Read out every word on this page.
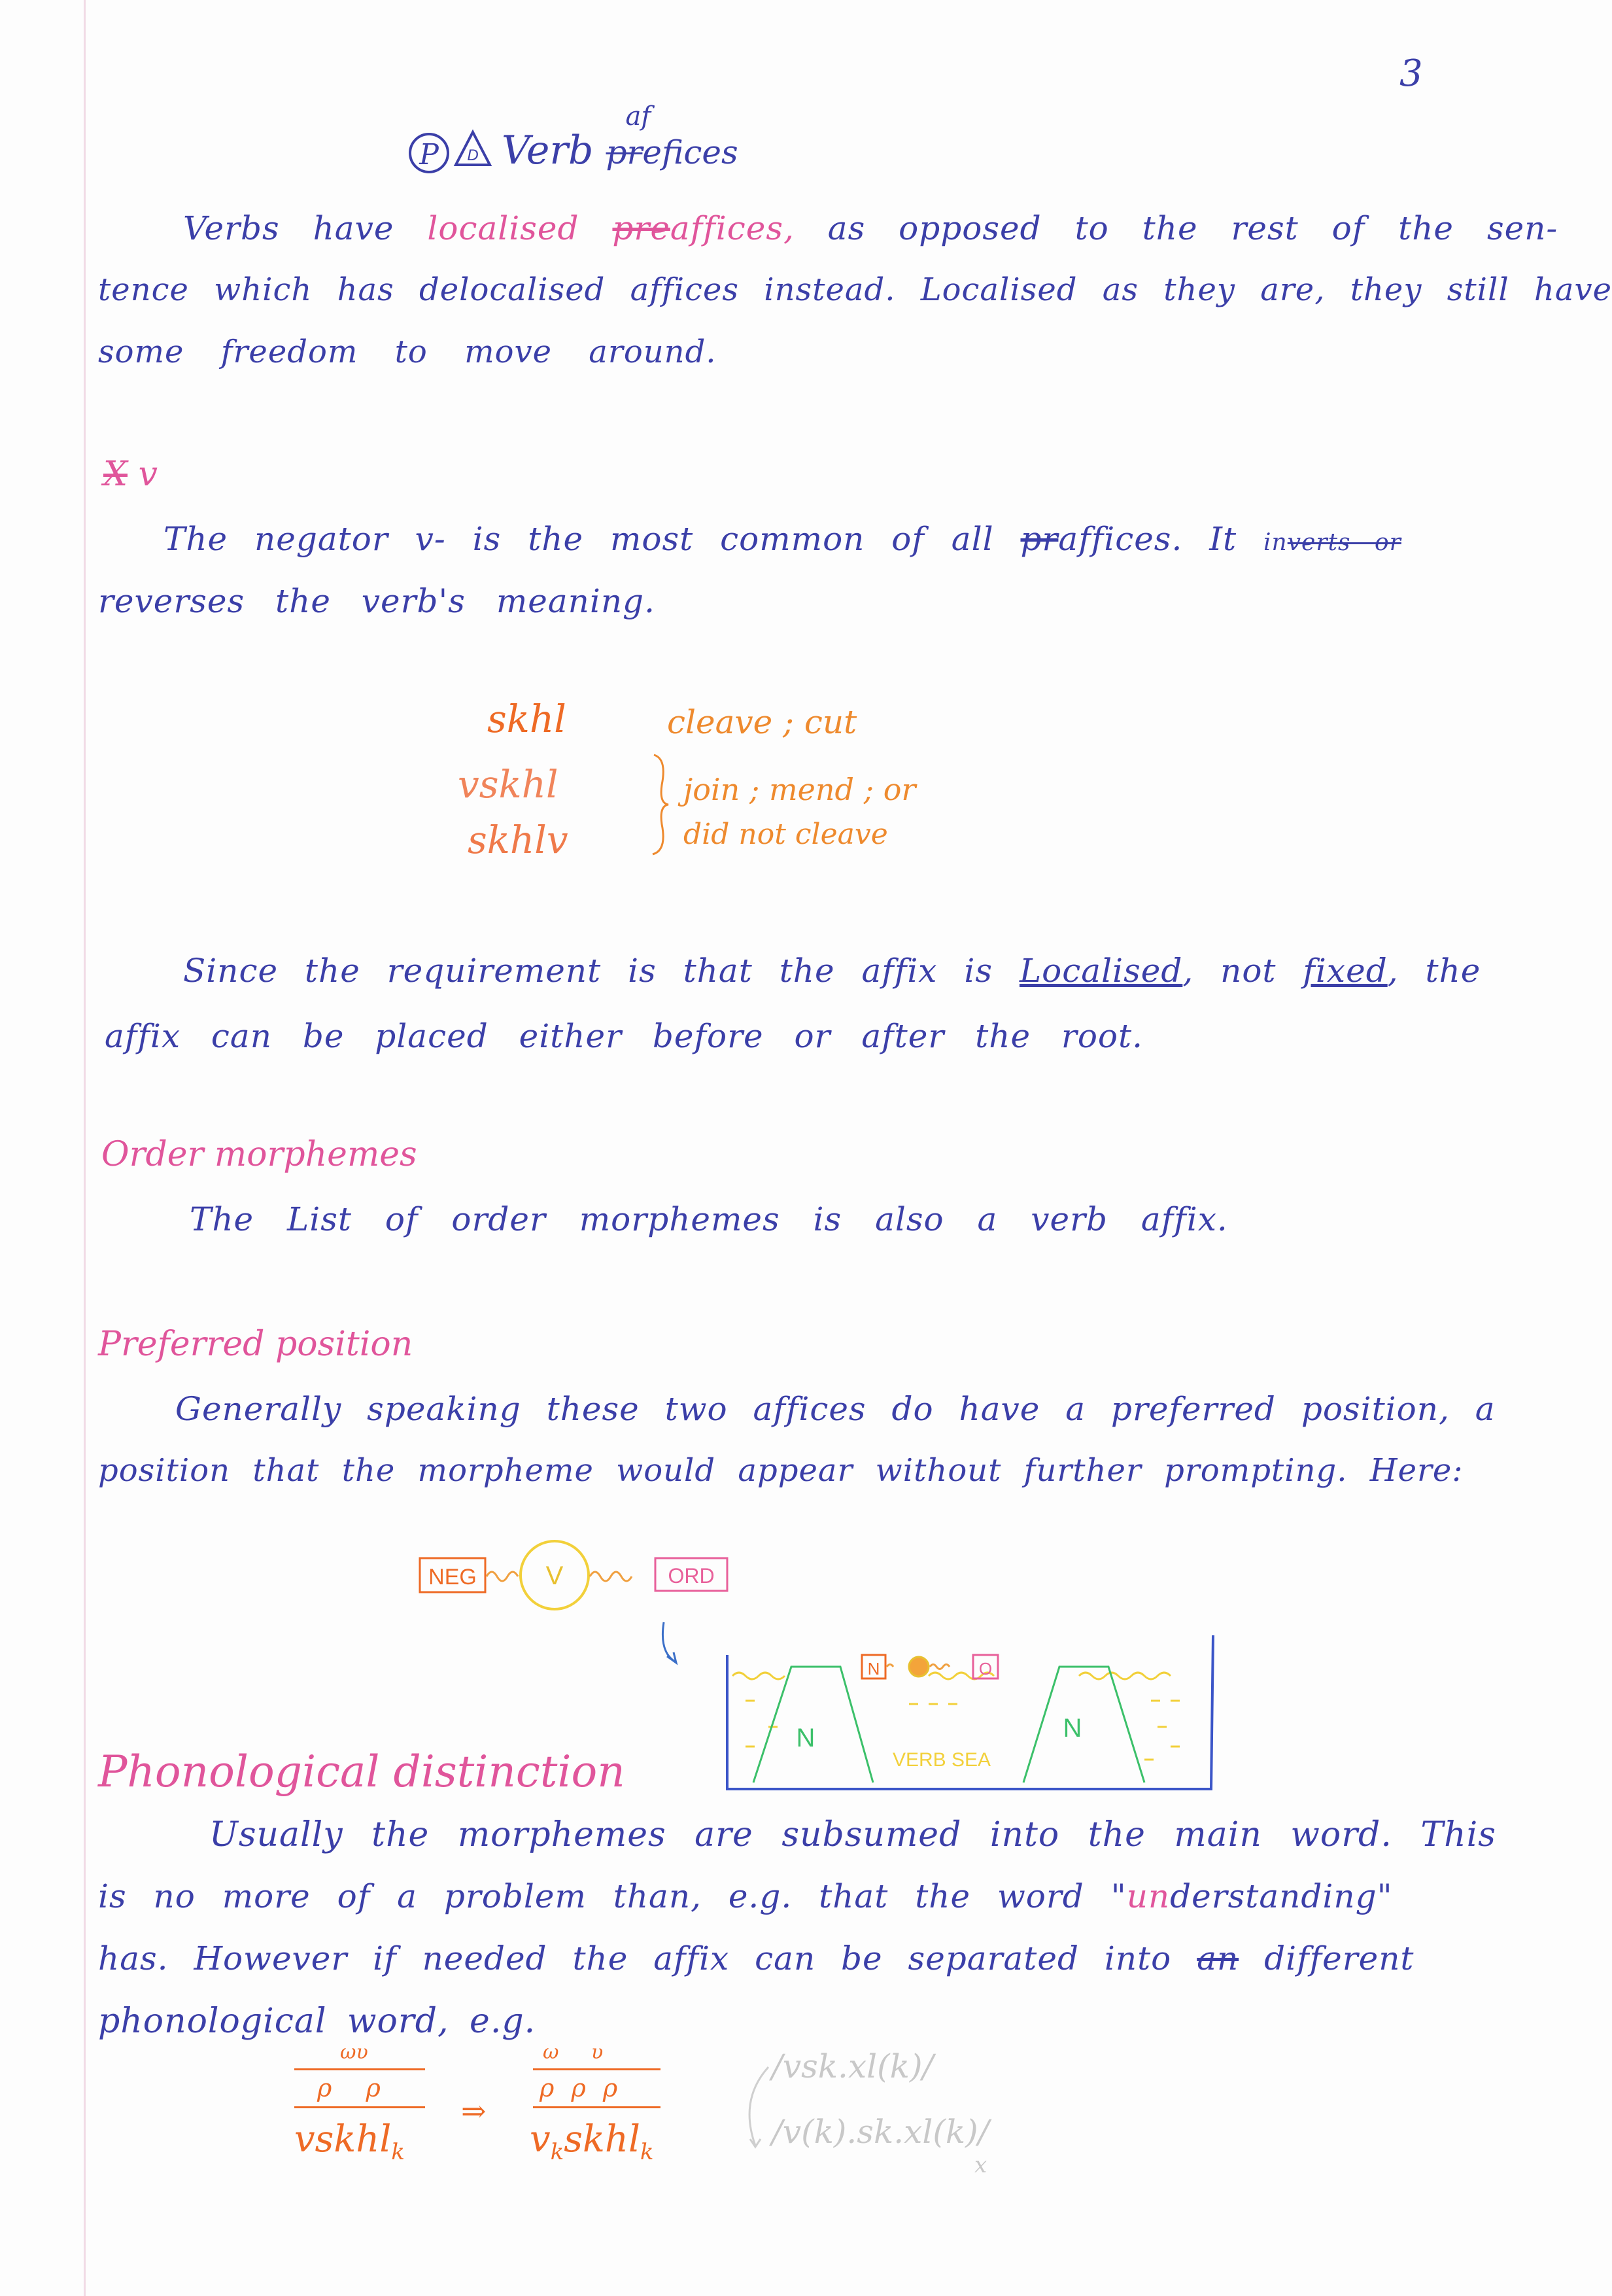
3
P D Verb
af
prefices
Verbs have localised preaffices, as opposed to the rest of the sen-
tence which has delocalised affices instead. Localised as they are, they still have
some freedom to move around.
X v
The negator v- is the most common of all praffices. It inverts or
reverses the verb's meaning.
skhl	cleave ; cut
vskhl
skhlv
join ; mend ; or
did not cleave
Since the requirement is that the affix is Localised, not fixed, the
affix can be placed either before or after the root.
Order morphemes
The List of order morphemes is also a verb affix.
Preferred position
Generally speaking these two affices do have a preferred position, a
position that the morpheme would appear without further prompting. Here:
NEG	V	ORD
N	N
VERB SEA
N	O
Phonological distinction
Usually the morphemes are subsumed into the main word. This
is no more of a problem than, e.g. that the word "understanding"
has. However if needed the affix can be separated into an different
phonological word, e.g.
ωυ
ρ ρ
vskhl$_k$
⇒
ω υ
ρ ρ ρ
$v_kskhl_k$
/vsk.xl(k)/
/v(k).sk.xl(k)/
x
